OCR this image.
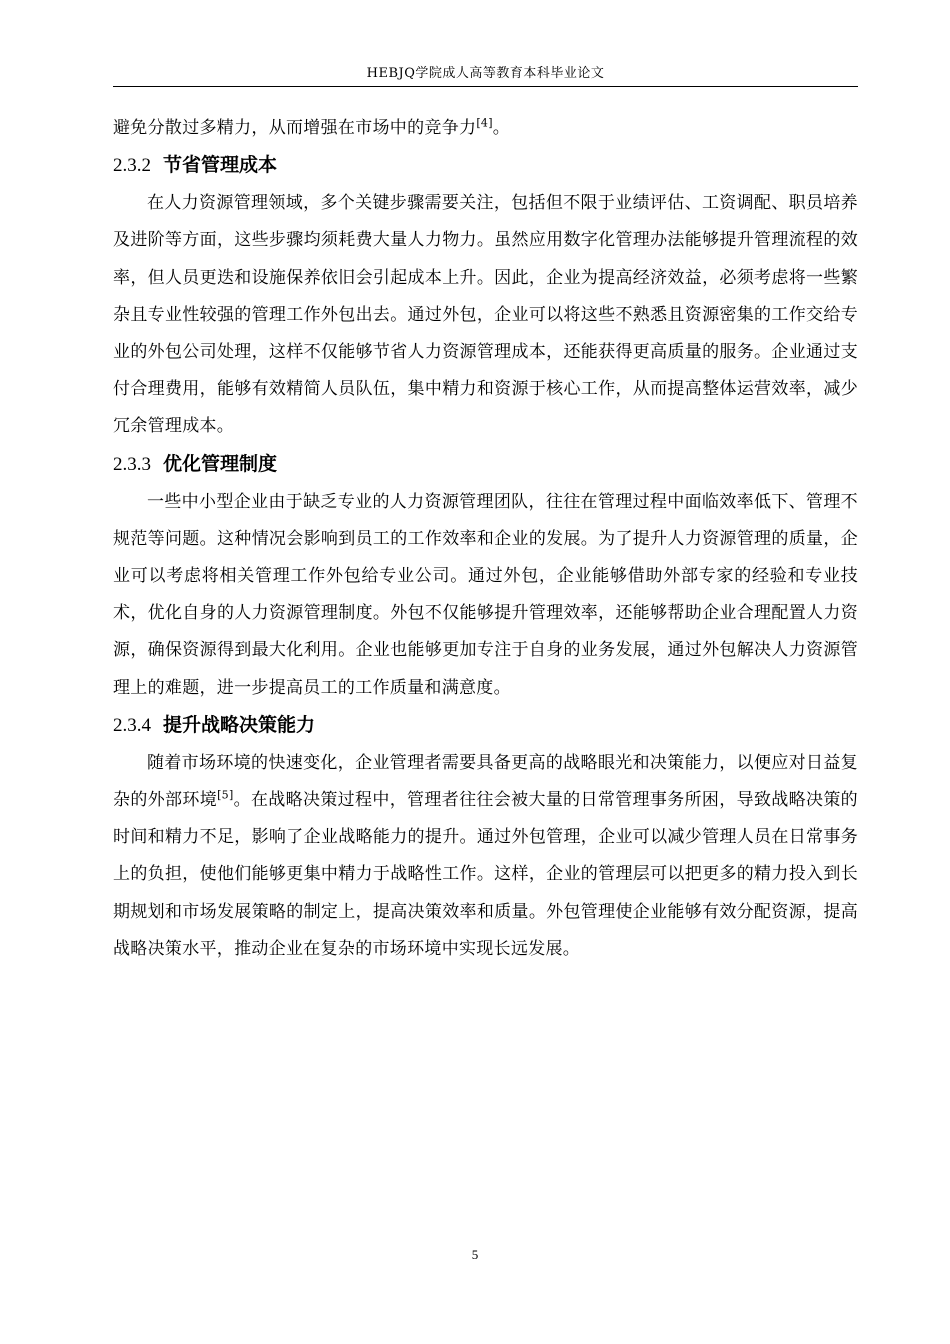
HEBJQ学院成人高等教育本科毕业论文

避免分散过多精力，从而增强在市场中的竞争力[4]。

2.3.2 节省管理成本

在人力资源管理领域，多个关键步骤需要关注，包括但不限于业绩评估、工资调配、职员培养及进阶等方面，这些步骤均须耗费大量人力物力。虽然应用数字化管理办法能够提升管理流程的效率，但人员更迭和设施保养依旧会引起成本上升。因此，企业为提高经济效益，必须考虑将一些繁杂且专业性较强的管理工作外包出去。通过外包，企业可以将这些不熟悉且资源密集的工作交给专业的外包公司处理，这样不仅能够节省人力资源管理成本，还能获得更高质量的服务。企业通过支付合理费用，能够有效精简人员队伍，集中精力和资源于核心工作，从而提高整体运营效率，减少冗余管理成本。

2.3.3 优化管理制度

一些中小型企业由于缺乏专业的人力资源管理团队，往往在管理过程中面临效率低下、管理不规范等问题。这种情况会影响到员工的工作效率和企业的发展。为了提升人力资源管理的质量，企业可以考虑将相关管理工作外包给专业公司。通过外包，企业能够借助外部专家的经验和专业技术，优化自身的人力资源管理制度。外包不仅能够提升管理效率，还能够帮助企业合理配置人力资源，确保资源得到最大化利用。企业也能够更加专注于自身的业务发展，通过外包解决人力资源管理上的难题，进一步提高员工的工作质量和满意度。

2.3.4 提升战略决策能力

随着市场环境的快速变化，企业管理者需要具备更高的战略眼光和决策能力，以便应对日益复杂的外部环境[5]。在战略决策过程中，管理者往往会被大量的日常管理事务所困，导致战略决策的时间和精力不足，影响了企业战略能力的提升。通过外包管理，企业可以减少管理人员在日常事务上的负担，使他们能够更集中精力于战略性工作。这样，企业的管理层可以把更多的精力投入到长期规划和市场发展策略的制定上，提高决策效率和质量。外包管理使企业能够有效分配资源，提高战略决策水平，推动企业在复杂的市场环境中实现长远发展。

5
